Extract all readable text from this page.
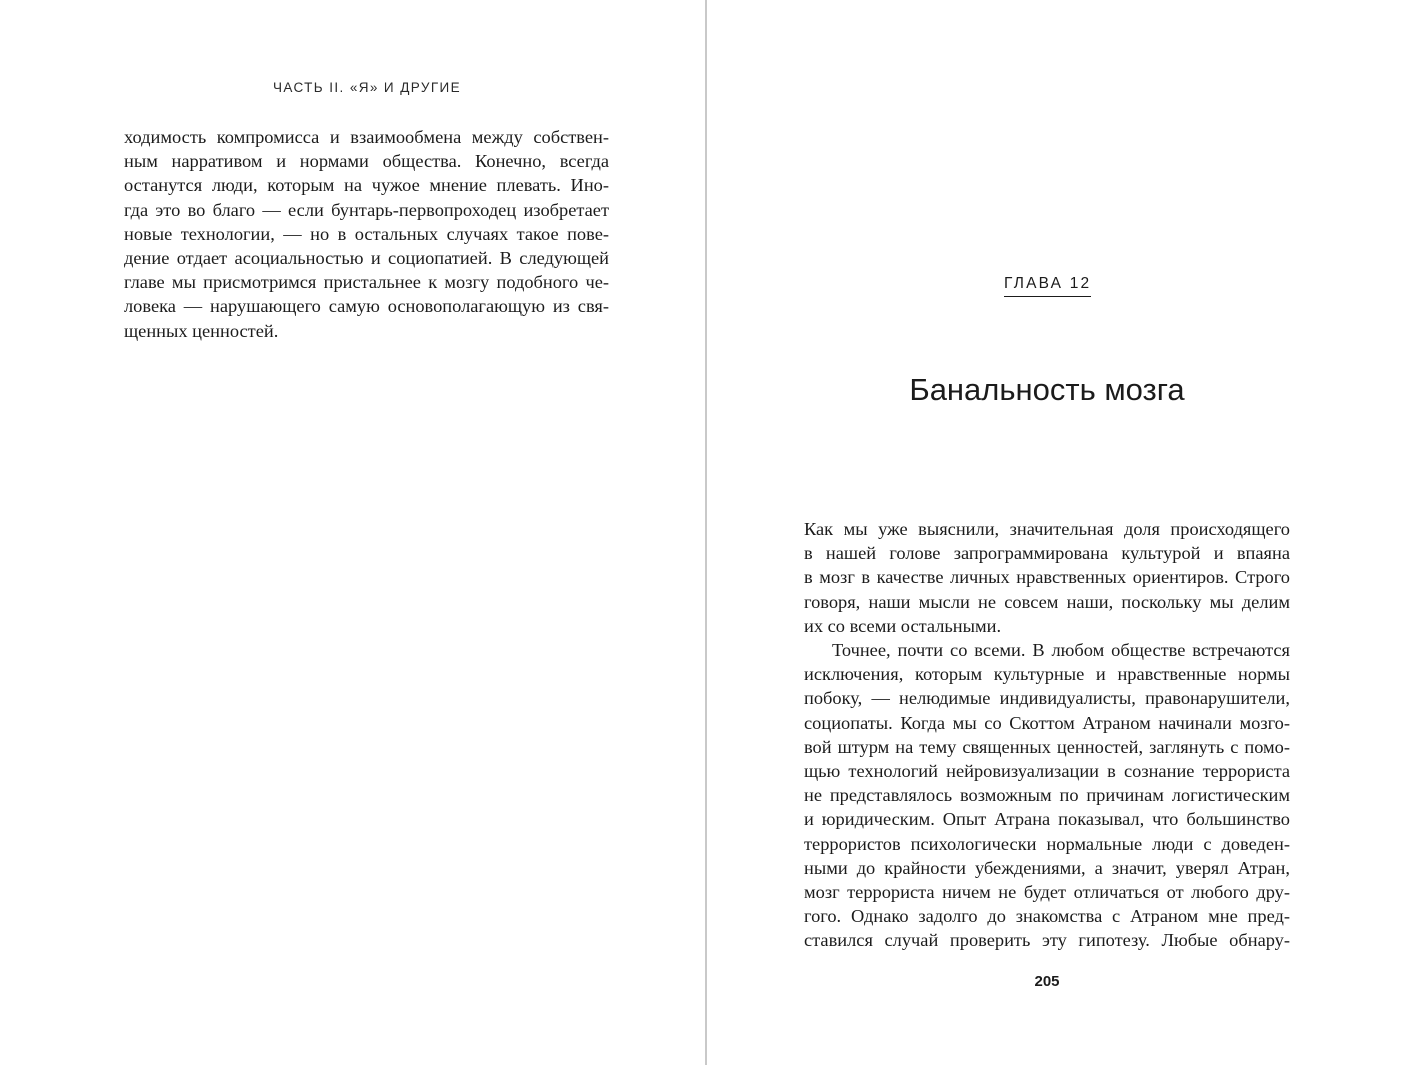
ЧАСТЬ II. «Я» И ДРУГИЕ

ходимость компромисса и взаимообмена между собствен-
ным нарративом и нормами общества. Конечно, всегда
останутся люди, которым на чужое мнение плевать. Ино-
гда это во благо — если бунтарь-первопроходец изобретает
новые технологии, — но в остальных случаях такое пове-
дение отдает асоциальностью и социопатией. В следующей
главе мы присмотримся пристальнее к мозгу подобного че-
ловека — нарушающего самую основополагающую из свя-
щенных ценностей.

ГЛАВА 12
Банальность мозга

Как мы уже выяснили, значительная доля происходящего
в нашей голове запрограммирована культурой и впаяна
в мозг в качестве личных нравственных ориентиров. Строго
говоря, наши мысли не совсем наши, поскольку мы делим
их со всеми остальными.
Точнее, почти со всеми. В любом обществе встречаются
исключения, которым культурные и нравственные нормы
побоку, — нелюдимые индивидуалисты, правонарушители,
социопаты. Когда мы со Скоттом Атраном начинали мозго-
вой штурм на тему священных ценностей, заглянуть с помо-
щью технологий нейровизуализации в сознание террориста
не представлялось возможным по причинам логистическим
и юридическим. Опыт Атрана показывал, что большинство
террористов психологически нормальные люди с доведен-
ными до крайности убеждениями, а значит, уверял Атран,
мозг террориста ничем не будет отличаться от любого дру-
гого. Однако задолго до знакомства с Атраном мне пред-
ставился случай проверить эту гипотезу. Любые обнару-

205
